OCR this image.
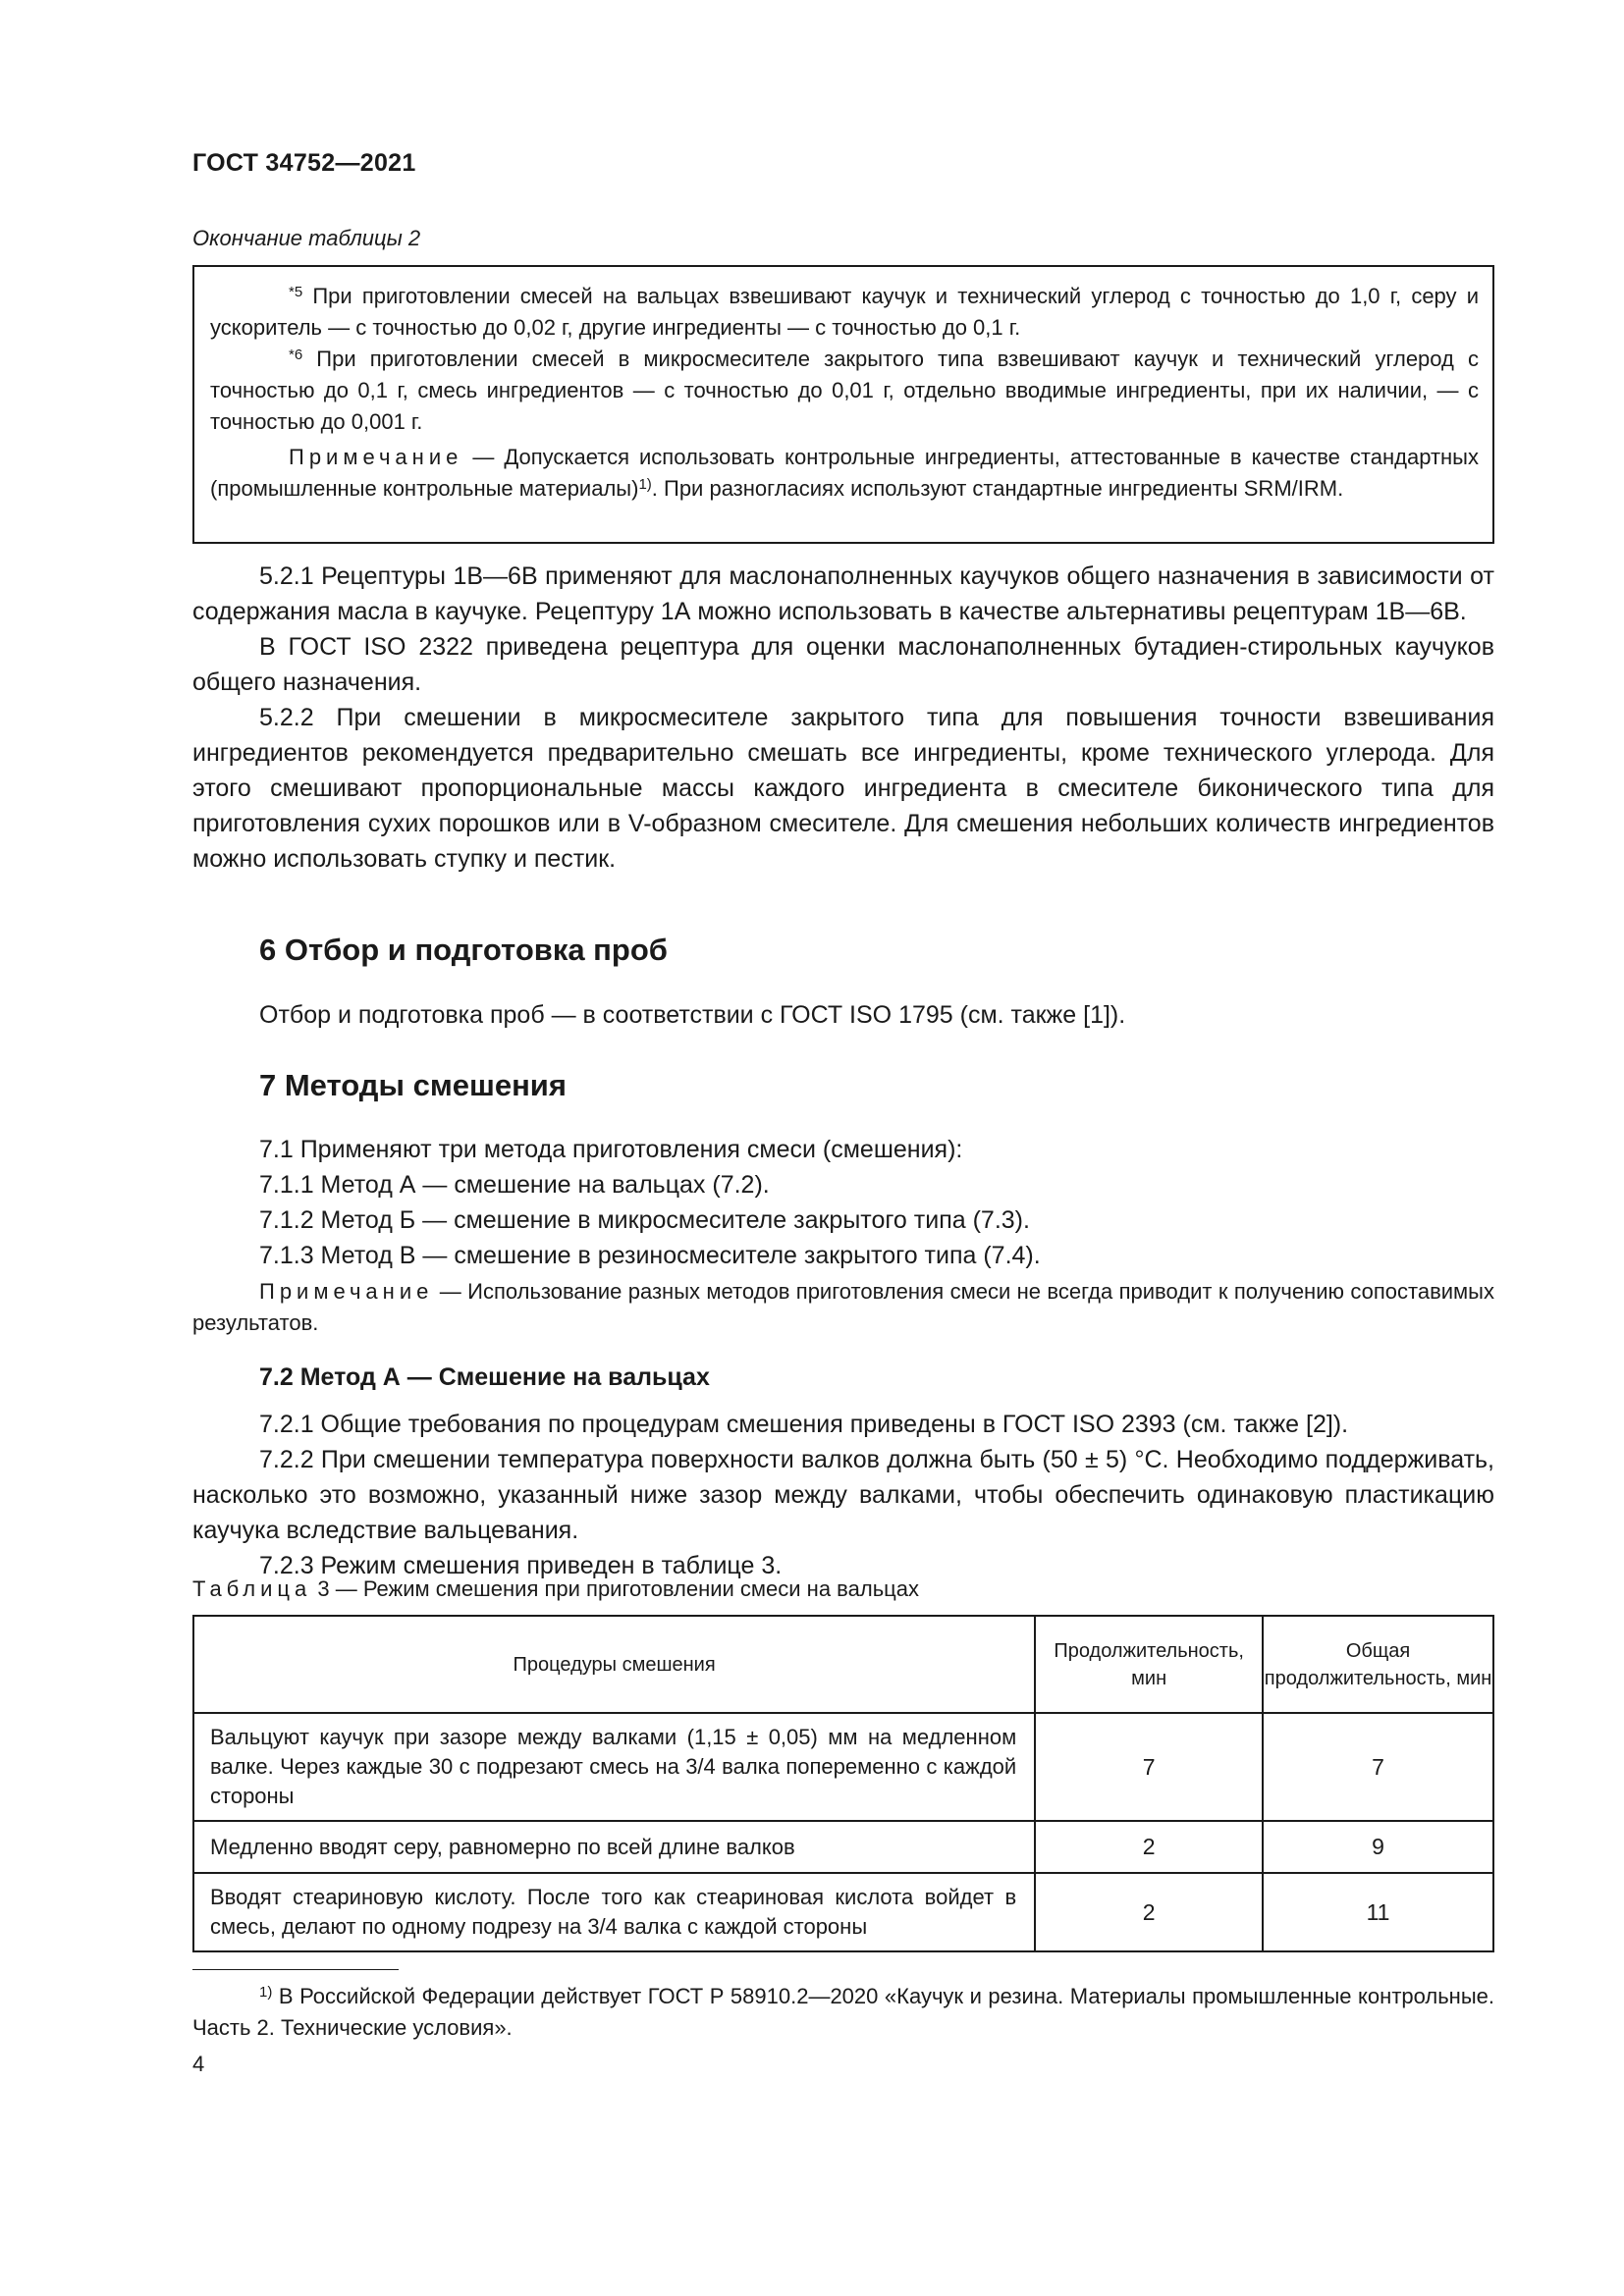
ГОСТ 34752—2021
Окончание таблицы 2

$^{*5}$ При приготовлении смесей на вальцах взвешивают каучук и технический углерод с точностью до 1,0 г, серу и ускоритель — с точностью до 0,02 г, другие ингредиенты — с точностью до 0,1 г.

$^{*6}$ При приготовлении смесей в микросмесителе закрытого типа взвешивают каучук и технический углерод с точностью до 0,1 г, смесь ингредиентов — с точностью до 0,01 г, отдельно вводимые ингредиенты, при их наличии, — с точностью до 0,001 г.

Примечание — Допускается использовать контрольные ингредиенты, аттестованные в качестве стандартных (промышленные контрольные материалы)$^{1)}$. При разногласиях используют стандартные ингредиенты SRM/IRM.

5.2.1 Рецептуры 1В—6В применяют для маслонаполненных каучуков общего назначения в зависимости от содержания масла в каучуке. Рецептуру 1А можно использовать в качестве альтернативы рецептурам 1В—6В.

В ГОСТ ISO 2322 приведена рецептура для оценки маслонаполненных бутадиен-стирольных каучуков общего назначения.

5.2.2 При смешении в микросмесителе закрытого типа для повышения точности взвешивания ингредиентов рекомендуется предварительно смешать все ингредиенты, кроме технического углерода. Для этого смешивают пропорциональные массы каждого ингредиента в смесителе биконического типа для приготовления сухих порошков или в V-образном смесителе. Для смешения небольших количеств ингредиентов можно использовать ступку и пестик.

6 Отбор и подготовка проб

Отбор и подготовка проб — в соответствии с ГОСТ ISO 1795 (см. также [1]).

7 Методы смешения

7.1 Применяют три метода приготовления смеси (смешения):

7.1.1 Метод А — смешение на вальцах (7.2).

7.1.2 Метод Б — смешение в микросмесителе закрытого типа (7.3).

7.1.3 Метод В — смешение в резиносмесителе закрытого типа (7.4).

Примечание — Использование разных методов приготовления смеси не всегда приводит к получению сопоставимых результатов.

7.2 Метод А — Смешение на вальцах

7.2.1 Общие требования по процедурам смешения приведены в ГОСТ ISO 2393 (см. также [2]).

7.2.2 При смешении температура поверхности валков должна быть (50 ± 5) °С. Необходимо поддерживать, насколько это возможно, указанный ниже зазор между валками, чтобы обеспечить одинаковую пластикацию каучука вследствие вальцевания.

7.2.3 Режим смешения приведен в таблице 3.

Таблица 3 — Режим смешения при приготовлении смеси на вальцах
Процедуры смешения	Продолжительность, мин	Общая продолжительность, мин
Вальцуют каучук при зазоре между валками (1,15 ± 0,05) мм на медленном валке. Через каждые 30 с подрезают смесь на 3/4 валка попеременно с каждой стороны	7	7
Медленно вводят серу, равномерно по всей длине валков	2	9
Вводят стеариновую кислоту. После того как стеариновая кислота войдет в смесь, делают по одному подрезу на 3/4 валка с каждой стороны	2	11

$^{1)}$ В Российской Федерации действует ГОСТ Р 58910.2—2020 «Каучук и резина. Материалы промышленные контрольные. Часть 2. Технические условия».

4
